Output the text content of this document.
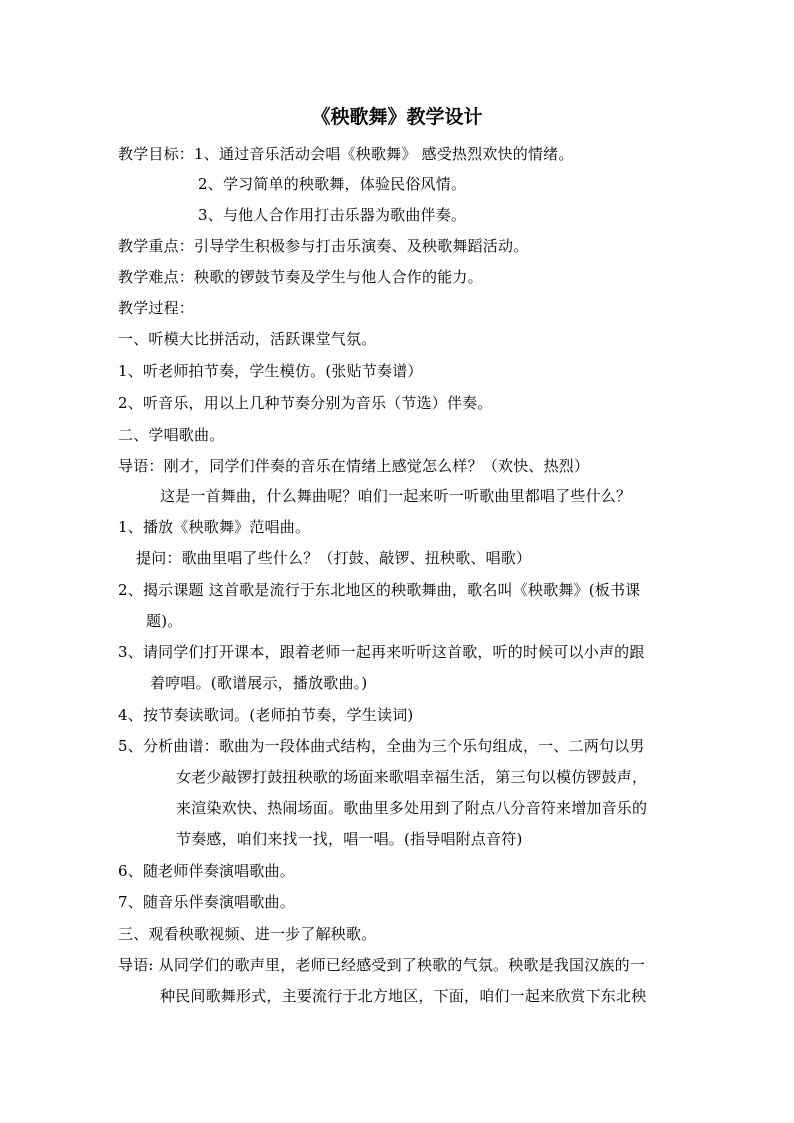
《秧歌舞》教学设计
教学目标：1、通过音乐活动会唱《秧歌舞》 感受热烈欢快的情绪。
2、学习简单的秧歌舞，体验民俗风情。
3、与他人合作用打击乐器为歌曲伴奏。
教学重点：引导学生积极参与打击乐演奏、及秧歌舞蹈活动。
教学难点：秧歌的锣鼓节奏及学生与他人合作的能力。
教学过程：
一、听模大比拼活动，活跃课堂气氛。
1、听老师拍节奏，学生模仿。(张贴节奏谱）
2、听音乐，用以上几种节奏分别为音乐（节选）伴奏。
二、学唱歌曲。
导语：刚才，同学们伴奏的音乐在情绪上感觉怎么样？（欢快、热烈）
这是一首舞曲，什么舞曲呢？咱们一起来听一听歌曲里都唱了些什么？
1、播放《秧歌舞》范唱曲。
提问：歌曲里唱了些什么？（打鼓、敲锣、扭秧歌、唱歌）
2、揭示课题 这首歌是流行于东北地区的秧歌舞曲，歌名叫《秧歌舞》(板书课
题)。
3、请同学们打开课本，跟着老师一起再来听听这首歌，听的时候可以小声的跟
着哼唱。(歌谱展示，播放歌曲。)
4、按节奏读歌词。(老师拍节奏，学生读词)
5、分析曲谱：歌曲为一段体曲式结构，全曲为三个乐句组成，一、二两句以男
女老少敲锣打鼓扭秧歌的场面来歌唱幸福生活，第三句以模仿锣鼓声，
来渲染欢快、热闹场面。歌曲里多处用到了附点八分音符来增加音乐的
节奏感，咱们来找一找，唱一唱。(指导唱附点音符)
6、随老师伴奏演唱歌曲。
7、随音乐伴奏演唱歌曲。
三、观看秧歌视频、进一步了解秧歌。
导语: 从同学们的歌声里，老师已经感受到了秧歌的气氛。秧歌是我国汉族的一
种民间歌舞形式，主要流行于北方地区，下面，咱们一起来欣赏下东北秧
